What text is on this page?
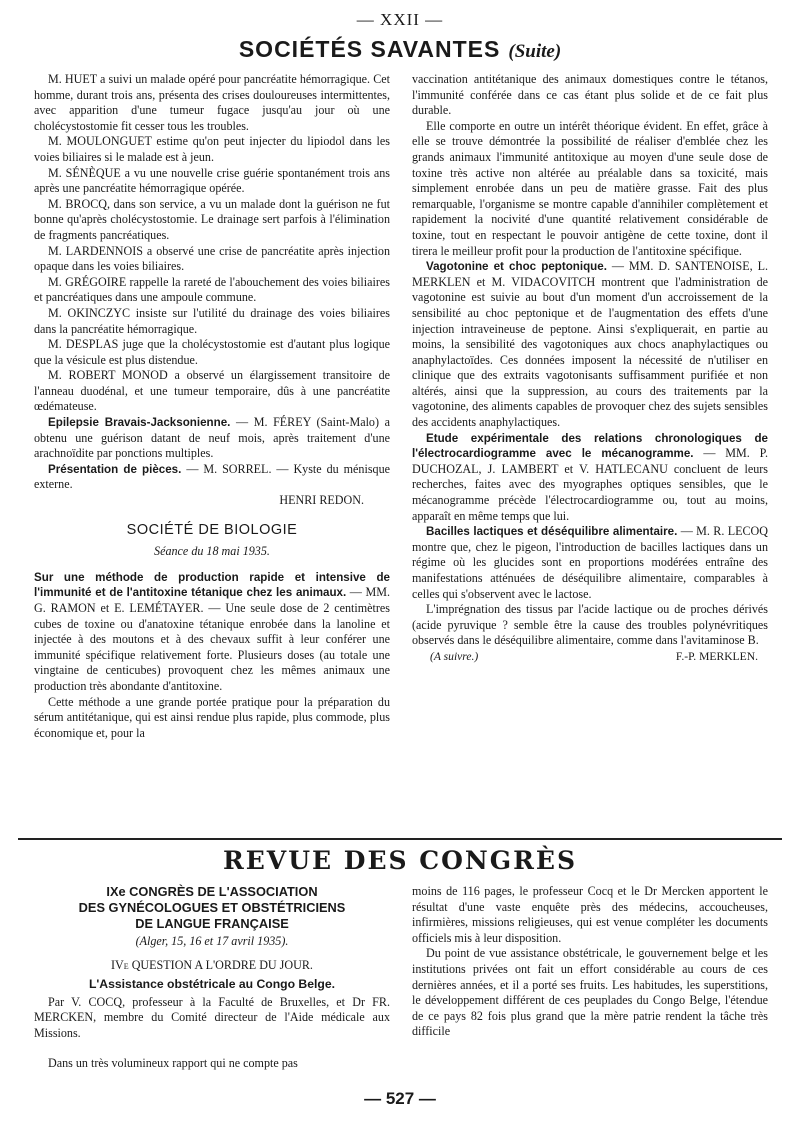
— XXII —
SOCIÉTÉS SAVANTES (Suite)

M. HUET a suivi un malade opéré pour pancréatite hémorragique. Cet homme, durant trois ans, présenta des crises douloureuses intermittentes, avec apparition d'une tumeur fugace jusqu'au jour où une cholécystostomie fit cesser tous les troubles.

M. MOULONGUET estime qu'on peut injecter du lipiodol dans les voies biliaires si le malade est à jeun.

M. SÉNÈQUE a vu une nouvelle crise guérie spontanément trois ans après une pancréatite hémorragique opérée.

M. BROCQ, dans son service, a vu un malade dont la guérison ne fut bonne qu'après cholécystostomie. Le drainage sert parfois à l'élimination de fragments pancréatiques.

M. LARDENNOIS a observé une crise de pancréatite après injection opaque dans les voies biliaires.

M. GRÉGOIRE rappelle la rareté de l'abouchement des voies biliaires et pancréatiques dans une ampoule commune.

M. OKINCZYC insiste sur l'utilité du drainage des voies biliaires dans la pancréatite hémorragique.

M. DESPLAS juge que la cholécystostomie est d'autant plus logique que la vésicule est plus distendue.

M. ROBERT MONOD a observé un élargissement transitoire de l'anneau duodénal, et une tumeur temporaire, dûs à une pancréatite œdémateuse.

Epilepsie Bravais-Jacksonienne. — M. FÉREY (Saint-Malo) a obtenu une guérison datant de neuf mois, après traitement d'une arachnoïdite par ponctions multiples.

Présentation de pièces. — M. SORREL. — Kyste du ménisque externe.

HENRI REDON.
SOCIÉTÉ DE BIOLOGIE
Séance du 18 mai 1935.

Sur une méthode de production rapide et intensive de l'immunité et de l'antitoxine tétanique chez les animaux. — MM. G. RAMON et E. LEMÉTAYER. — Une seule dose de 2 centimètres cubes de toxine ou d'anatoxine tétanique enrobée dans la lanoline et injectée à des moutons et à des chevaux suffit à leur conférer une immunité spécifique relativement forte. Plusieurs doses (au totale une vingtaine de centicubes) provoquent chez les mêmes animaux une production très abondante d'antitoxine.

Cette méthode a une grande portée pratique pour la préparation du sérum antitétanique, qui est ainsi rendue plus rapide, plus commode, plus économique et, pour la

vaccination antitétanique des animaux domestiques contre le tétanos, l'immunité conférée dans ce cas étant plus solide et de ce fait plus durable.

Elle comporte en outre un intérêt théorique évident. En effet, grâce à elle se trouve démontrée la possibilité de réaliser d'emblée chez les grands animaux l'immunité antitoxique au moyen d'une seule dose de toxine très active non altérée au préalable dans sa toxicité, mais simplement enrobée dans un peu de matière grasse. Fait des plus remarquable, l'organisme se montre capable d'annihiler complètement et rapidement la nocivité d'une quantité relativement considérable de toxine, tout en respectant le pouvoir antigène de cette toxine, dont il tirera le meilleur profit pour la production de l'antitoxine spécifique.

Vagotonine et choc peptonique. — MM. D. SANTENOISE, L. MERKLEN et M. VIDACOVITCH montrent que l'administration de vagotonine est suivie au bout d'un moment d'un accroissement de la sensibilité au choc peptonique et de l'augmentation des effets d'une injection intraveineuse de peptone. Ainsi s'expliquerait, en partie au moins, la sensibilité des vagotoniques aux chocs anaphylactiques ou anaphylactoïdes. Ces données imposent la nécessité de n'utiliser en clinique que des extraits vagotonisants suffisamment purifiée et non altérés, ainsi que la suppression, au cours des traitements par la vagotonine, des aliments capables de provoquer chez des sujets sensibles des accidents anaphylactiques.

Etude expérimentale des relations chronologiques de l'électrocardiogramme avec le mécanogramme. — MM. P. DUCHOZAL, J. LAMBERT et V. HATLECANU concluent de leurs recherches, faites avec des myographes optiques sensibles, que le mécanogramme précède l'électrocardiogramme ou, tout au moins, apparaît en même temps que lui.

Bacilles lactiques et déséquilibre alimentaire. — M. R. LECOQ montre que, chez le pigeon, l'introduction de bacilles lactiques dans un régime où les glucides sont en proportions modérées entraîne des manifestations atténuées de déséquilibre alimentaire, comparables à celles qui s'observent avec le lactose.

L'imprégnation des tissus par l'acide lactique ou de proches dérivés (acide pyruvique ? semble être la cause des troubles polynévritiques observés dans le déséquilibre alimentaire, comme dans l'avitaminose B.

(A suivre.)	F.-P. MERKLEN.
REVUE DES CONGRÈS
IXe CONGRÈS DE L'ASSOCIATION
DES GYNÉCOLOGUES ET OBSTÉTRICIENS
DE LANGUE FRANÇAISE
(Alger, 15, 16 et 17 avril 1935).
IVe QUESTION A L'ORDRE DU JOUR.
L'Assistance obstétricale au Congo Belge.

Par V. COCQ, professeur à la Faculté de Bruxelles, et Dr FR. MERCKEN, membre du Comité directeur de l'Aide médicale aux Missions.

Dans un très volumineux rapport qui ne compte pas

moins de 116 pages, le professeur Cocq et le Dr Mercken apportent le résultat d'une vaste enquête près des médecins, accoucheuses, infirmières, missions religieuses, qui est venue compléter les documents officiels mis à leur disposition.

Du point de vue assistance obstétricale, le gouvernement belge et les institutions privées ont fait un effort considérable au cours de ces dernières années, et il a porté ses fruits. Les habitudes, les superstitions, le développement différent de ces peuplades du Congo Belge, l'étendue de ce pays 82 fois plus grand que la mère patrie rendent la tâche très difficile

— 527 —
